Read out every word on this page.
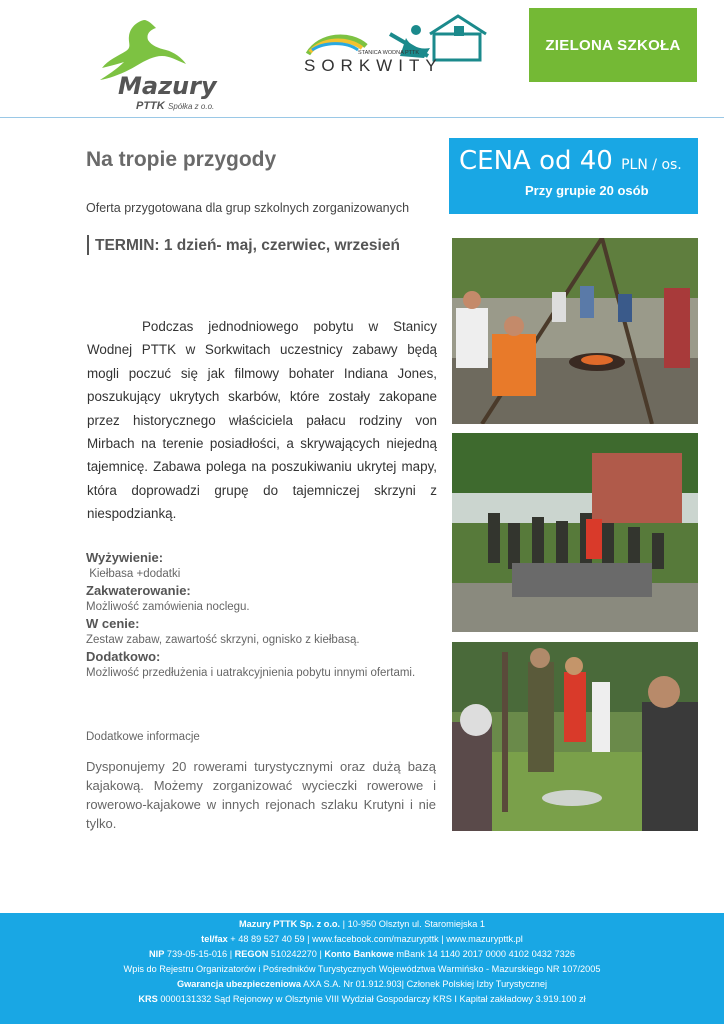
Mazury
PTTK Spółka z o.o.
STANICA WODNA PTTK
SORKWITY
ZIELONA SZKOŁA
Na tropie przygody
Oferta przygotowana dla grup szkolnych zorganizowanych
TERMIN: 1 dzień- maj, czerwiec, wrzesień
CENA od 40 PLN / os.
Przy grupie 20 osób

Podczas jednodniowego pobytu w Stanicy Wodnej PTTK w Sorkwitach uczestnicy zabawy będą mogli poczuć się jak filmowy bohater Indiana Jones, poszukujący ukrytych skarbów, które zostały zakopane przez historycznego właściciela pałacu rodziny von Mirbach na terenie posiadłości, a skrywających niejedną tajemnicę. Zabawa polega na poszukiwaniu ukrytej mapy, która doprowadzi grupę do tajemniczej skrzyni z niespodzianką.

Wyżywienie:
Kiełbasa +dodatki
Zakwaterowanie:
Możliwość zamówienia noclegu.
W cenie:
Zestaw zabaw, zawartość skrzyni, ognisko z kiełbasą.
Dodatkowo:
Możliwość przedłużenia i uatrakcyjnienia pobytu innymi ofertami.
Dodatkowe informacje
Dysponujemy 20 rowerami turystycznymi oraz dużą bazą kajakową. Możemy zorganizować wycieczki rowerowe i rowerowo-kajakowe w innych rejonach szlaku Krutyni i nie tylko.
Mazury PTTK Sp. z o.o. | 10-950 Olsztyn ul. Staromiejska 1
tel/fax + 48 89 527 40 59 | www.facebook.com/mazurypttk | www.mazurypttk.pl
NIP 739-05-15-016 | REGON 510242270 | Konto Bankowe mBank 14 1140 2017 0000 4102 0432 7326
Wpis do Rejestru Organizatorów i Pośredników Turystycznych Województwa Warmińsko - Mazurskiego NR 107/2005
Gwarancja ubezpieczeniowa AXA S.A. Nr 01.912.903| Członek Polskiej Izby Turystycznej
KRS 0000131332 Sąd Rejonowy w Olsztynie VIII Wydział Gospodarczy KRS I Kapitał zakładowy 3.919.100 zł
